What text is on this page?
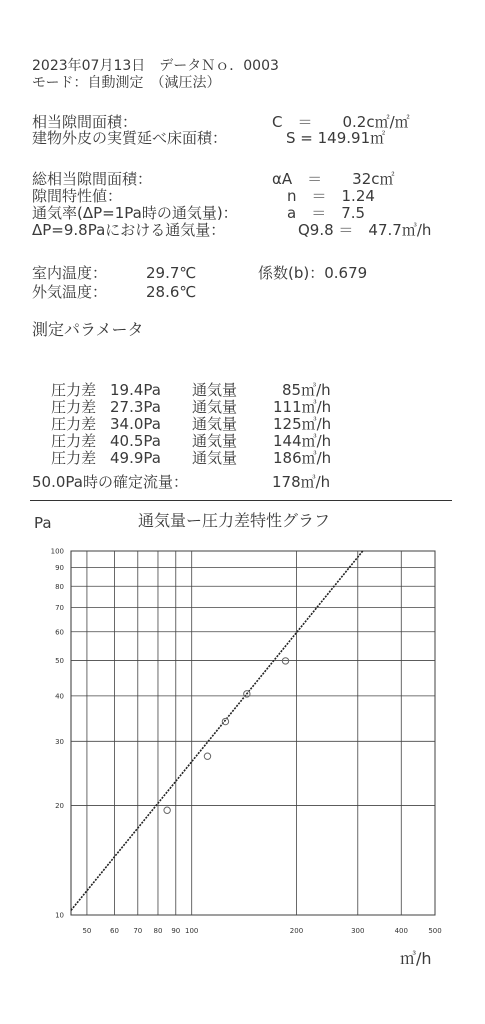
2023年07月13日　データＮｏ．0003
モード：自動測定　（減圧法）
相当隙間面積：	C　＝　　0.2c㎡/㎡
建物外皮の実質延べ床面積：	S = 149.91㎡
総相当隙間面積：	αA　＝　　32c㎡
隙間特性値：	n　＝　1.24
通気率(ΔP=1Pa時の通気量)：	a　＝　7.5
ΔP=9.8Paにおける通気量：	Q9.8 ＝　47.7㎥/h
室内温度：	29.7℃	係数(b)：0.679
外気温度：	28.6℃
測定パラメータ

圧力差 19.4Pa 通気量	85㎥/h

圧力差 27.3Pa 通気量 111㎥/h

圧力差 34.0Pa 通気量 125㎥/h

圧力差 40.5Pa 通気量 144㎥/h

圧力差 49.9Pa 通気量 186㎥/h

50.0Pa時の確定流量：	178㎥/h
Pa	通気量ー圧力差特性グラフ
㎥/h
50	60 70 80 90 100	200	300	400	500
10
20
30
40
50
60
70
80
90
100
